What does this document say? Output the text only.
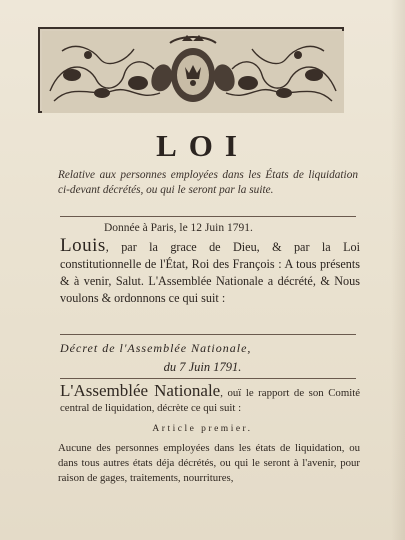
LOI
Relative aux personnes employées dans les États de liquidation ci-devant décrétés, ou qui le seront par la suite.
Donnée à Paris, le 12 Juin 1791.
Louis, par la grace de Dieu, & par la Loi constitutionnelle de l'État, Roi des François : A tous présents & à venir, Salut. L'Assemblée Nationale a décrété, & Nous voulons & ordonnons ce qui suit :
Décret de l'Assemblée Nationale,
du 7 Juin 1791.
L'Assemblée Nationale, ouï le rapport de son Comité central de liquidation, décrète ce qui suit :
Article premier.
Aucune des personnes employées dans les états de liquidation, ou dans tous autres états déja décrétés, ou qui le seront à l'avenir, pour raison de gages, traitements, nourritures,
